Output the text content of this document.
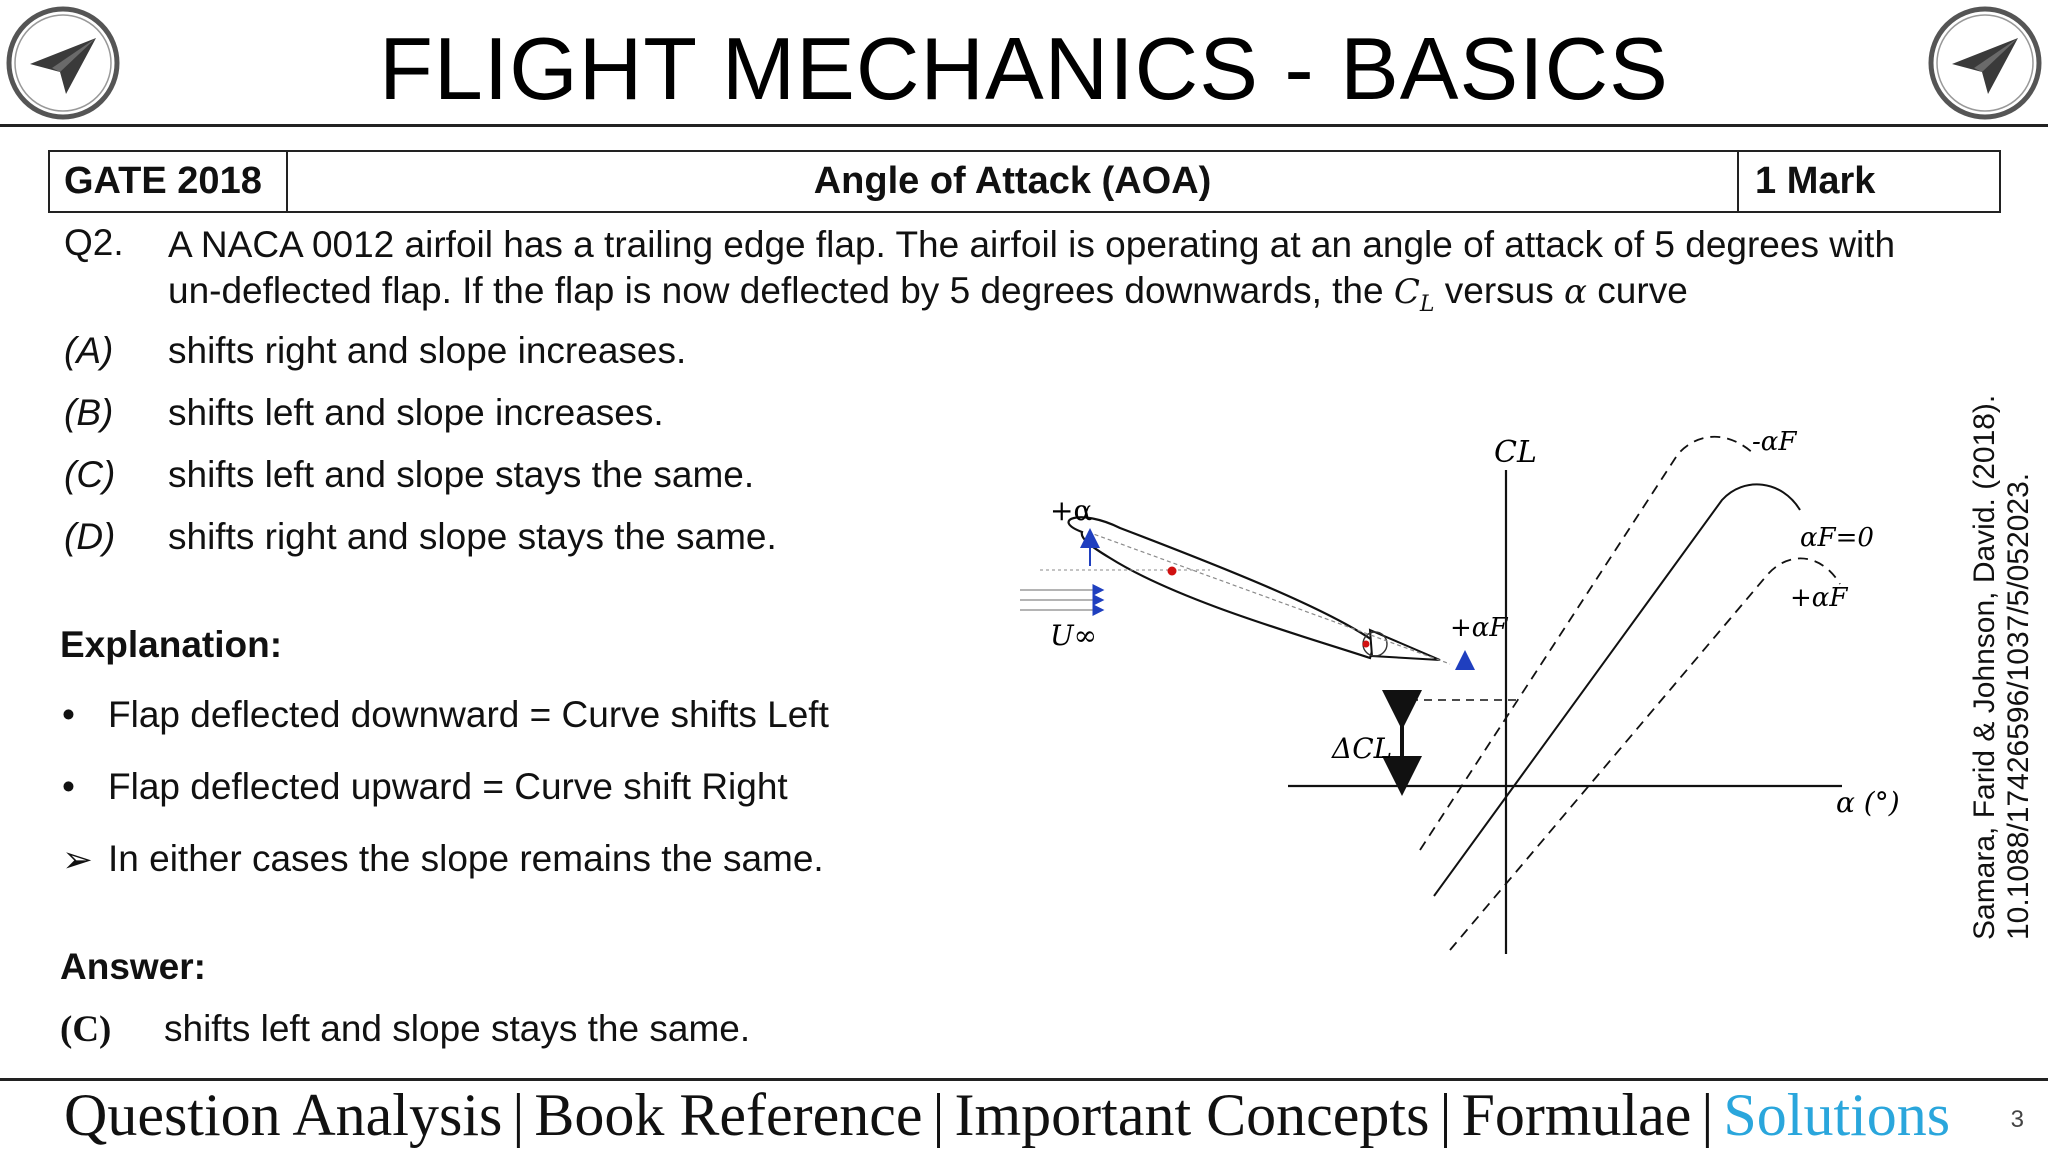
FLIGHT MECHANICS - BASICS
GATE 2018	Angle of Attack (AOA)	1 Mark
Q2. A NACA 0012 airfoil has a trailing edge flap. The airfoil is operating at an angle of attack of 5 degrees with
un-deflected flap. If the flap is now deflected by 5 degrees downwards, the $C_L$ versus α curve
(A) shifts right and slope increases.
(B) shifts left and slope increases.
(C) shifts left and slope stays the same.
(D) shifts right and slope stays the same.
Explanation:
• Flap deflected downward = Curve shifts Left
• Flap deflected upward = Curve shift Right
➢ In either cases the slope remains the same.
Answer:
(C) shifts left and slope stays the same.
+α
U∞	+αF
CL
α (°)
ΔCL
-αF
αF=0
+αF	Samara, Farid & Johnson, David. (2018). 10.1088/17426596/1037/5/052023.
Question Analysis | Book Reference | Important Concepts | Formulae | Solutions	3
